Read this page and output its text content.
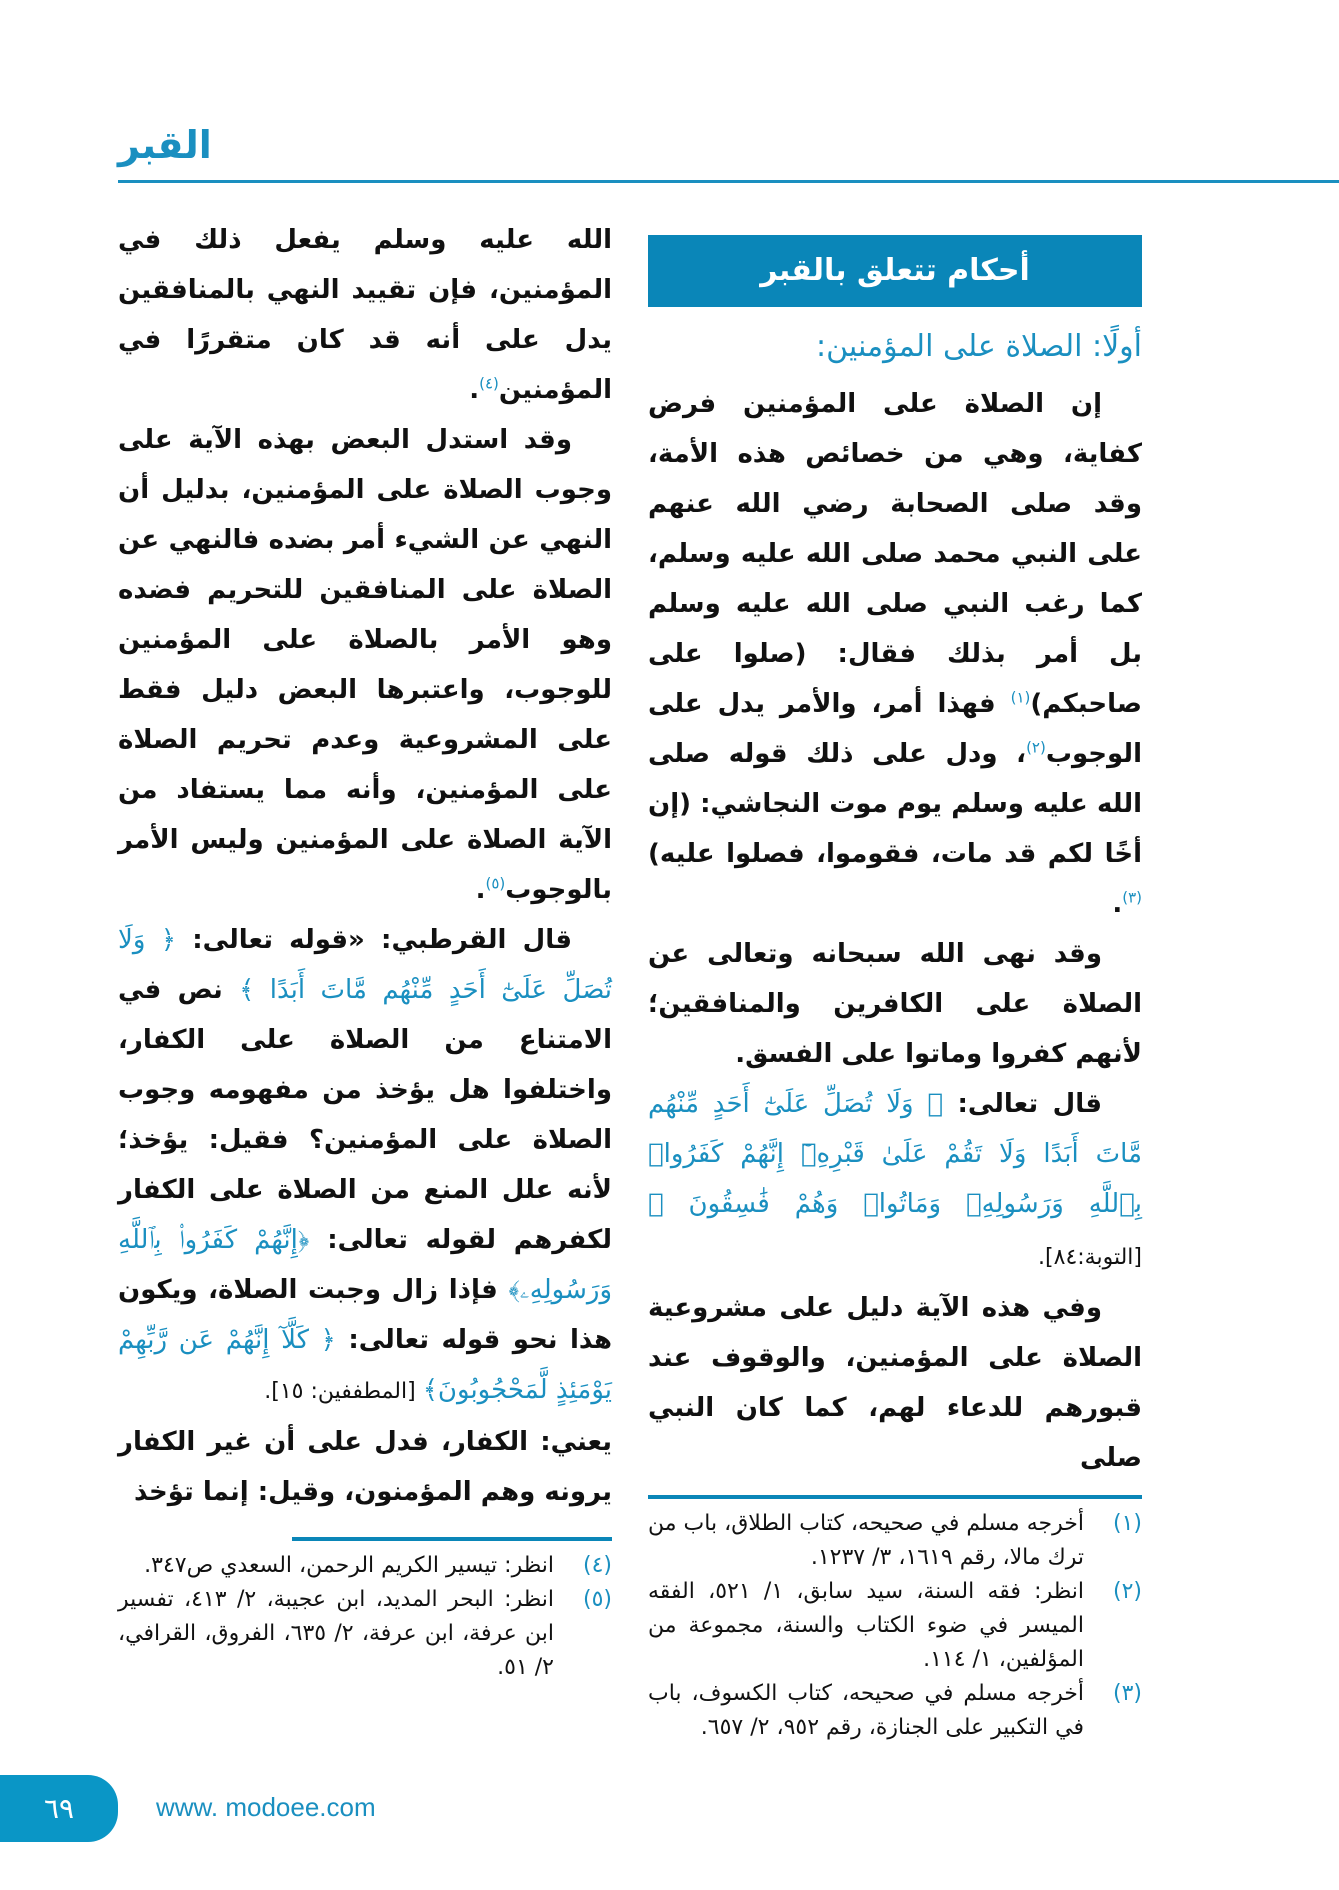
القبر
أحكام تتعلق بالقبر
أولًا: الصلاة على المؤمنين:

إن الصلاة على المؤمنين فرض كفاية، وهي من خصائص هذه الأمة، وقد صلى الصحابة رضي الله عنهم على النبي محمد صلى الله عليه وسلم، كما رغب النبي صلى الله عليه وسلم بل أمر بذلك فقال: (صلوا على صاحبكم)$^{(١)}$ فهذا أمر، والأمر يدل على الوجوب$^{(٢)}$، ودل على ذلك قوله صلى الله عليه وسلم يوم موت النجاشي: (إن أخًا لكم قد مات، فقوموا، فصلوا عليه)$^{(٣)}$.

وقد نهى الله سبحانه وتعالى عن الصلاة على الكافرين والمنافقين؛ لأنهم كفروا وماتوا على الفسق.

قال تعالى: ﴿ وَلَا تُصَلِّ عَلَىٰٓ أَحَدٍ مِّنْهُم مَّاتَ أَبَدًا وَلَا تَقُمْ عَلَىٰ قَبْرِهِۦٓ إِنَّهُمْ كَفَرُوا۟ بِٱللَّهِ وَرَسُولِهِۦ وَمَاتُوا۟ وَهُمْ فَٰسِقُونَ ﴾ [التوبة:٨٤].

وفي هذه الآية دليل على مشروعية الصلاة على المؤمنين، والوقوف عند قبورهم للدعاء لهم، كما كان النبي صلى

(١)
أخرجه مسلم في صحيحه، كتاب الطلاق، باب من ترك مالا، رقم ١٦١٩، ٣/ ١٢٣٧.
(٢)
انظر: فقه السنة، سيد سابق، ١/ ٥٢١، الفقه الميسر في ضوء الكتاب والسنة، مجموعة من المؤلفين، ١/ ١١٤.
(٣)
أخرجه مسلم في صحيحه، كتاب الكسوف، باب في التكبير على الجنازة، رقم ٩٥٢، ٢/ ٦٥٧.

الله عليه وسلم يفعل ذلك في المؤمنين، فإن تقييد النهي بالمنافقين يدل على أنه قد كان متقررًا في المؤمنين$^{(٤)}$.

وقد استدل البعض بهذه الآية على وجوب الصلاة على المؤمنين، بدليل أن النهي عن الشيء أمر بضده فالنهي عن الصلاة على المنافقين للتحريم فضده وهو الأمر بالصلاة على المؤمنين للوجوب، واعتبرها البعض دليل فقط على المشروعية وعدم تحريم الصلاة على المؤمنين، وأنه مما يستفاد من الآية الصلاة على المؤمنين وليس الأمر بالوجوب$^{(٥)}$.

قال القرطبي: «قوله تعالى: ﴿ وَلَا تُصَلِّ عَلَىٰٓ أَحَدٍ مِّنْهُم مَّاتَ أَبَدًا ﴾ نص في الامتناع من الصلاة على الكفار، واختلفوا هل يؤخذ من مفهومه وجوب الصلاة على المؤمنين؟ فقيل: يؤخذ؛ لأنه علل المنع من الصلاة على الكفار لكفرهم لقوله تعالى: ﴿إِنَّهُمْ كَفَرُوا۟ بِٱللَّهِ وَرَسُولِهِۦ﴾ فإذا زال وجبت الصلاة، ويكون هذا نحو قوله تعالى: ﴿ كَلَّآ إِنَّهُمْ عَن رَّبِّهِمْ يَوْمَئِذٍ لَّمَحْجُوبُونَ﴾ [المطففين: ١٥].

يعني: الكفار، فدل على أن غير الكفار يرونه وهم المؤمنون، وقيل: إنما تؤخذ

(٤)
انظر: تيسير الكريم الرحمن، السعدي ص٣٤٧.
(٥)
انظر: البحر المديد، ابن عجيبة، ٢/ ٤١٣، تفسير ابن عرفة، ابن عرفة، ٢/ ٦٣٥، الفروق، القرافي، ٢/ ٥١.
٦٩	www. modoee.com
